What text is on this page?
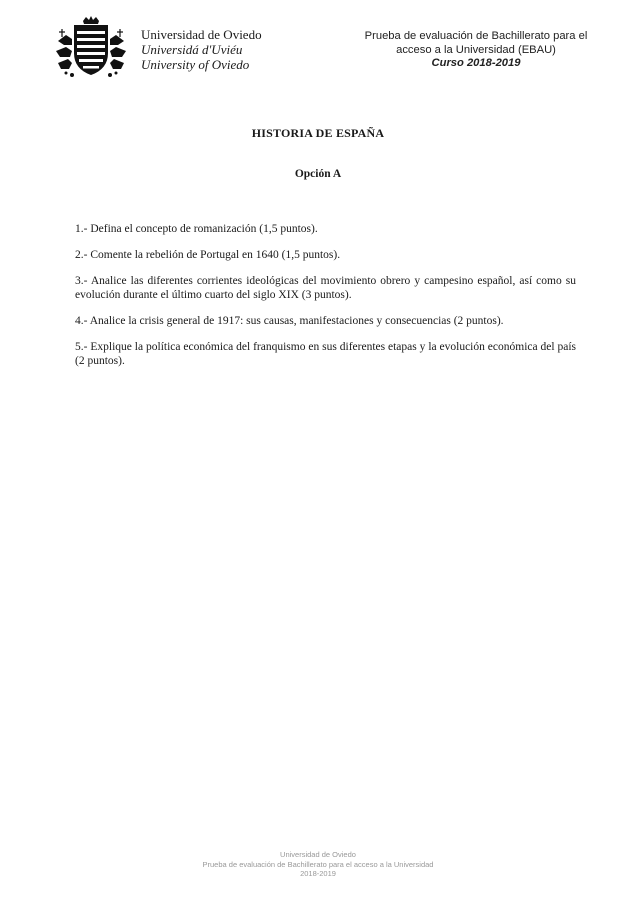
Universidad de Oviedo
Universidá d'Uviéu
University of Oviedo
Prueba de evaluación de Bachillerato para el
acceso a la Universidad (EBAU)
Curso 2018-2019
HISTORIA DE ESPAÑA
Opción A

1.- Defina el concepto de romanización (1,5 puntos).

2.- Comente la rebelión de Portugal en 1640 (1,5 puntos).

3.- Analice las diferentes corrientes ideológicas del movimiento obrero y campesino español, así como su evolución durante el último cuarto del siglo XIX (3 puntos).

4.- Analice la crisis general de 1917: sus causas, manifestaciones y consecuencias (2 puntos).

5.- Explique la política económica del franquismo en sus diferentes etapas y la evolución económica del país (2 puntos).

Universidad de Oviedo
Prueba de evaluación de Bachillerato para el acceso a la Universidad
2018-2019
